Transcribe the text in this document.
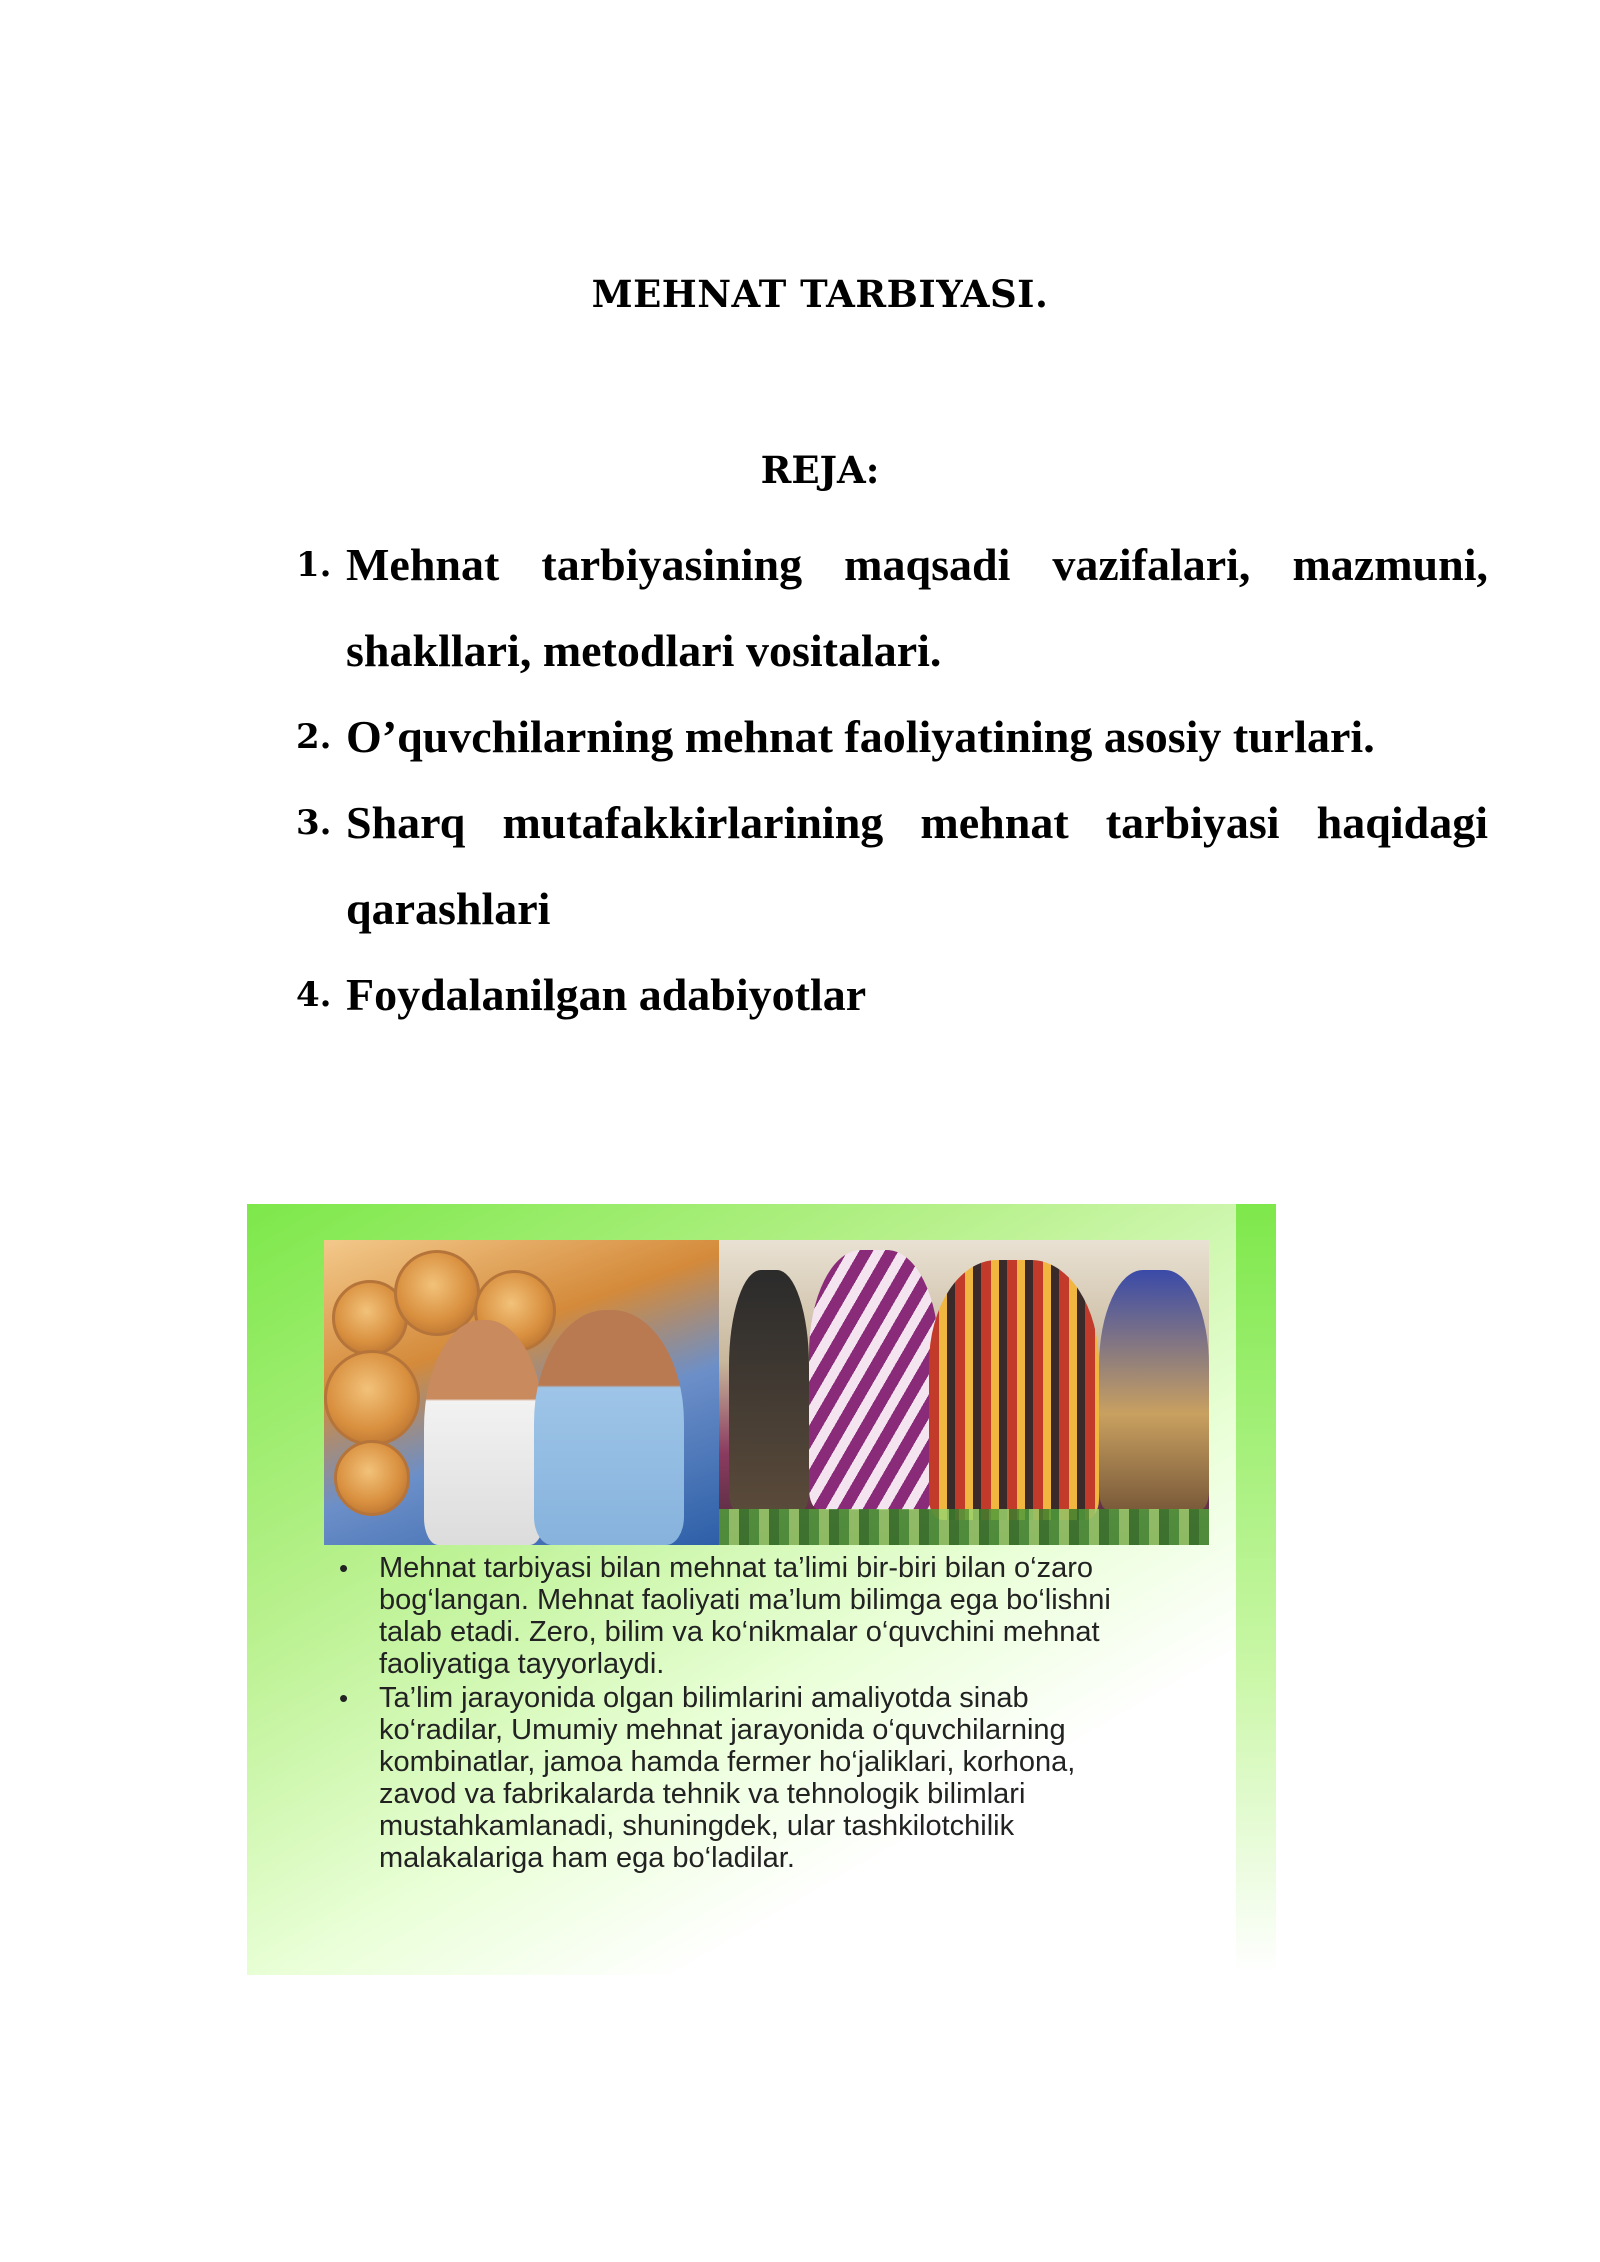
MEHNAT TARBIYASI.
REJA:
1. Mehnat tarbiyasining maqsadi vazifalari, mazmuni, shakllari, metodlari vositalari.
2. O’quvchilarning mehnat faoliyatining asosiy turlari.
3. Sharq mutafakkirlarining mehnat tarbiyasi haqidagi qarashlari
4. Foydalanilgan adabiyotlar
• Mehnat tarbiyasi bilan mehnat ta’limi bir-biri bilan o‘zaro bog‘langan. Mehnat faoliyati ma’lum bilimga ega bo‘lishni talab etadi. Zero, bilim va ko‘nikmalar o‘quvchini mehnat faoliyatiga tayyorlaydi.
• Ta’lim jarayonida olgan bilimlarini amaliyotda sinab ko‘radilar, Umumiy mehnat jarayonida o‘quvchilarning kombinatlar, jamoa hamda fermer ho‘jaliklari, korhona, zavod va fabrikalarda tehnik va tehnologik bilimlari mustahkamlanadi, shuningdek, ular tashkilotchilik malakalariga ham ega bo‘ladilar.
